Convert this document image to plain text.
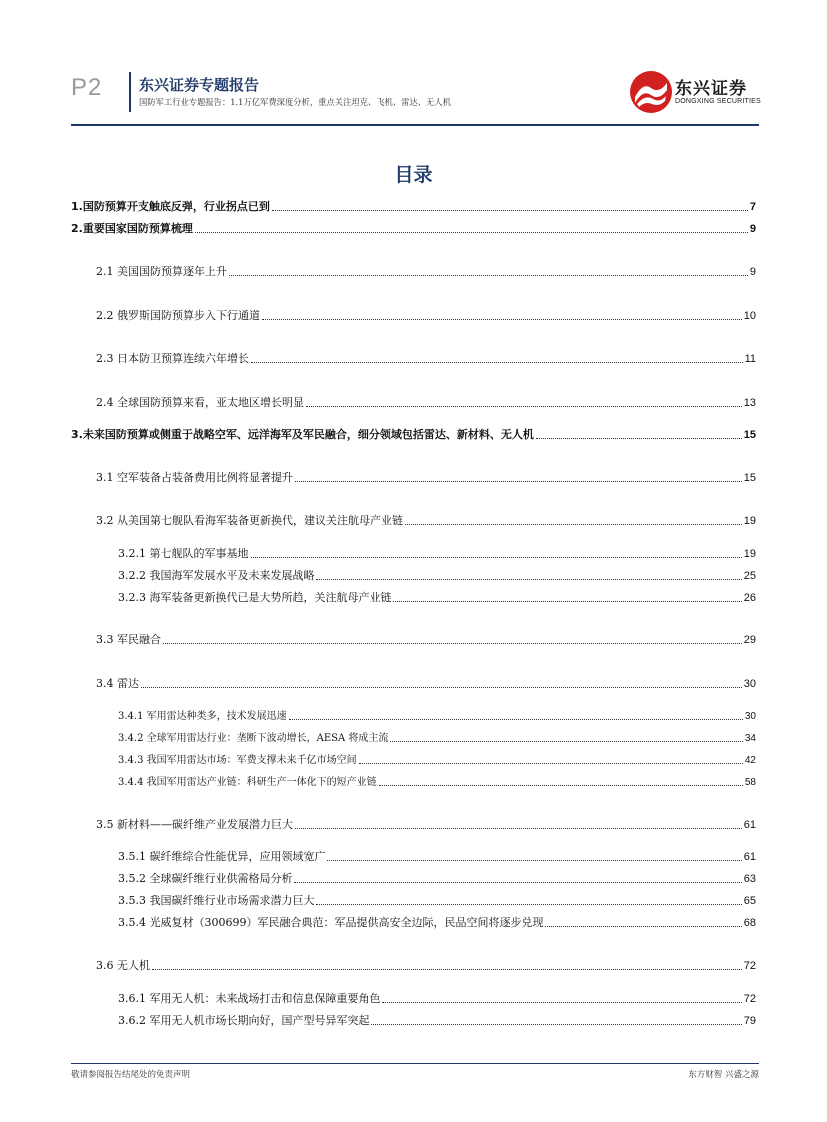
P2 东兴证券专题报告
国防军工行业专题报告：1.1万亿军费深度分析，重点关注坦克、飞机、雷达、无人机
东兴证券
DONGXING SECURITIES
目录
1.国防预算开支触底反弹，行业拐点已到	7
2.重要国家国防预算梳理	9
2.1 美国国防预算逐年上升	9
2.2 俄罗斯国防预算步入下行通道	10
2.3 日本防卫预算连续六年增长	11
2.4 全球国防预算来看，亚太地区增长明显	13
3.未来国防预算或侧重于战略空军、远洋海军及军民融合，细分领域包括雷达、新材料、无人机	15
3.1 空军装备占装备费用比例将显著提升	15
3.2 从美国第七舰队看海军装备更新换代，建议关注航母产业链	19
3.2.1 第七舰队的军事基地	19
3.2.2 我国海军发展水平及未来发展战略	25
3.2.3 海军装备更新换代已是大势所趋，关注航母产业链	26
3.3 军民融合	29
3.4 雷达	30
3.4.1 军用雷达种类多，技术发展迅速	30
3.4.2 全球军用雷达行业：垄断下波动增长，AESA 将成主流	34
3.4.3 我国军用雷达市场：军费支撑未来千亿市场空间	42
3.4.4 我国军用雷达产业链：科研生产一体化下的短产业链	58
3.5 新材料——碳纤维产业发展潜力巨大	61
3.5.1 碳纤维综合性能优异，应用领域宽广	61
3.5.2 全球碳纤维行业供需格局分析	63
3.5.3 我国碳纤维行业市场需求潜力巨大	65
3.5.4 光威复材（300699）军民融合典范：军品提供高安全边际，民品空间将逐步兑现	68
3.6 无人机	72
3.6.1 军用无人机：未来战场打击和信息保障重要角色	72
3.6.2 军用无人机市场长期向好，国产型号异军突起	79
敬请参阅报告结尾处的免责声明	东方财智 兴盛之源
